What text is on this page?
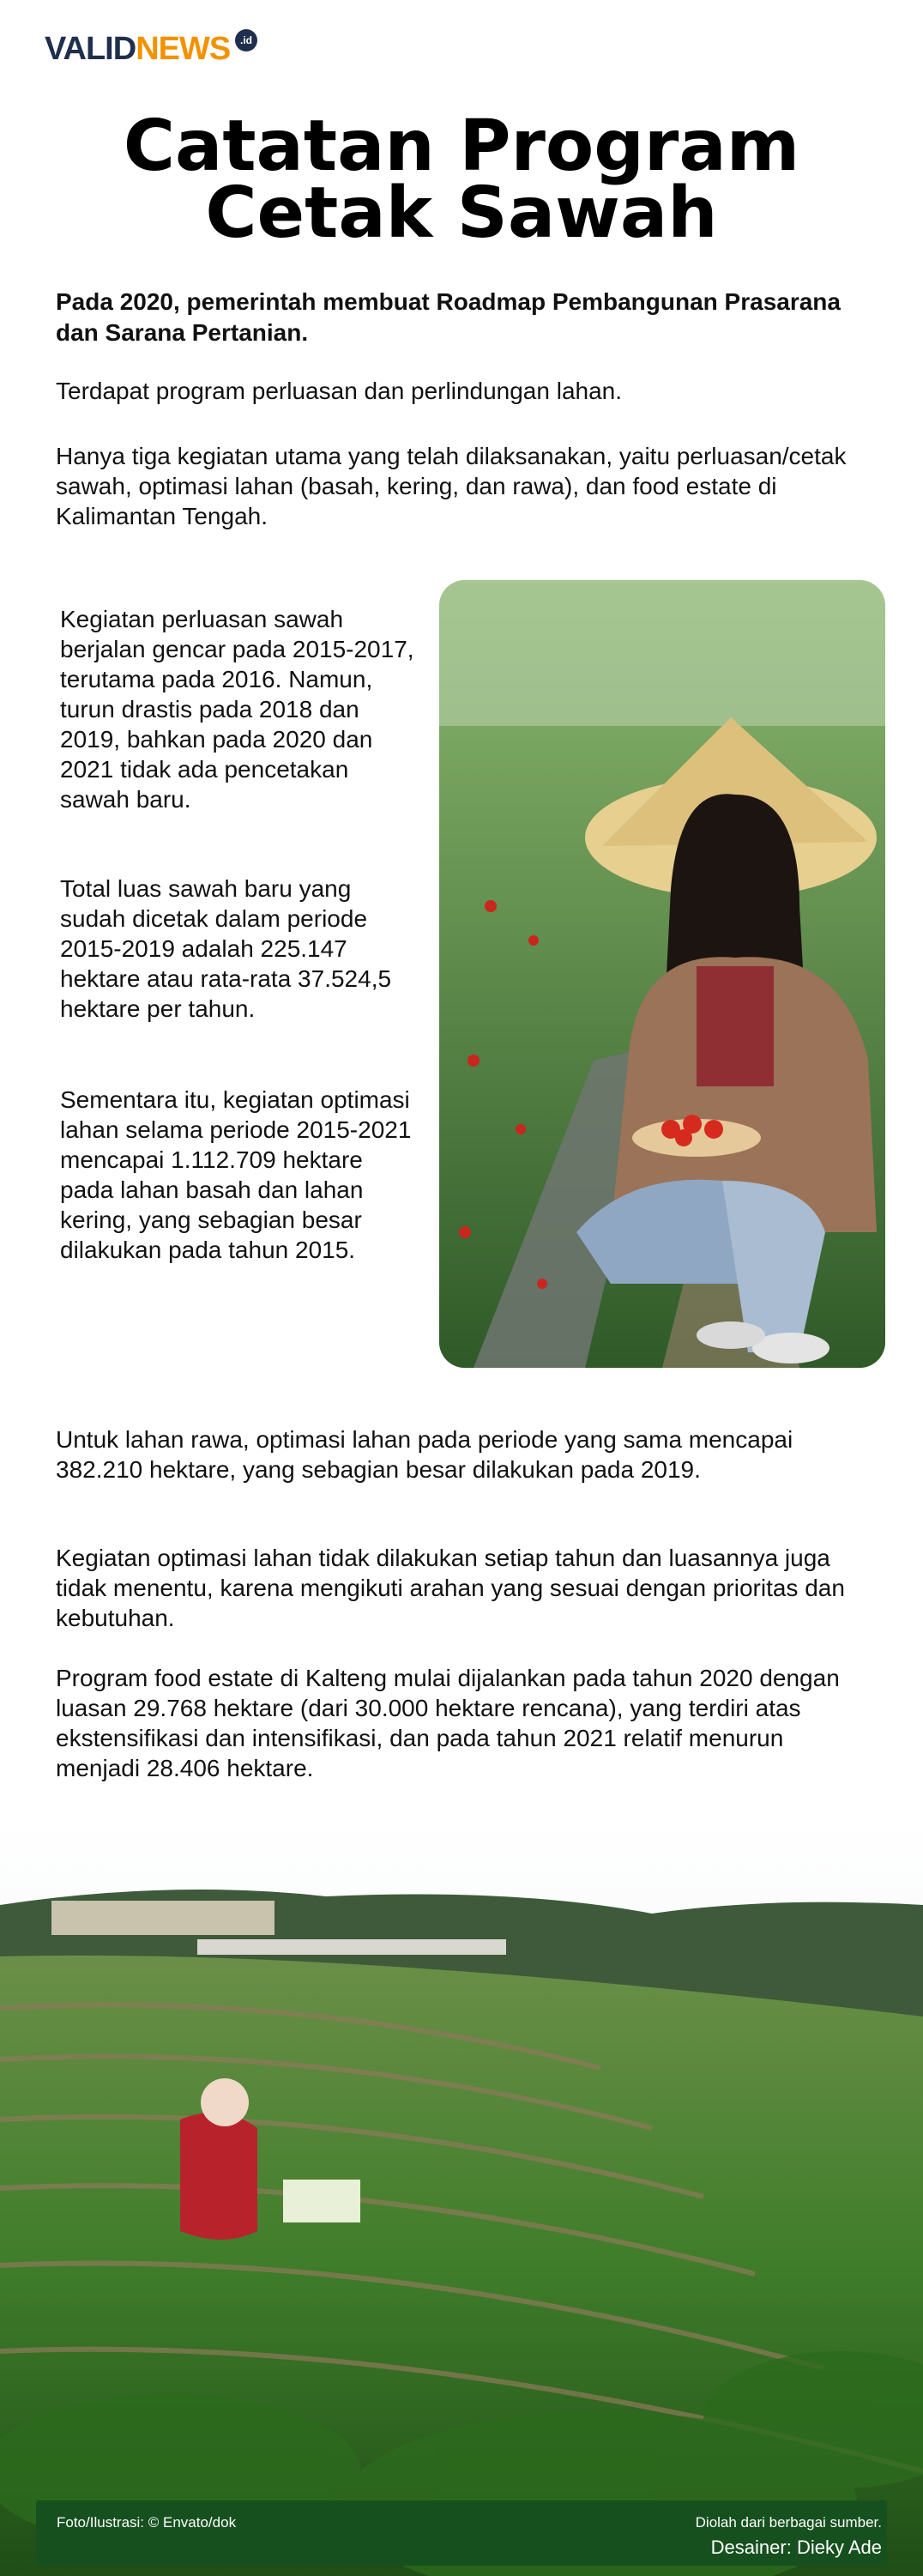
VALIDNEWS .id
Catatan Program
Cetak Sawah

Pada 2020, pemerintah membuat Roadmap Pembangunan Prasarana dan Sarana Pertanian.

Terdapat program perluasan dan perlindungan lahan.

Hanya tiga kegiatan utama yang telah dilaksanakan, yaitu perluasan/cetak sawah, optimasi lahan (basah, kering, dan rawa), dan food estate di Kalimantan Tengah.

Kegiatan perluasan sawah berjalan gencar pada 2015-2017, terutama pada 2016. Namun, turun drastis pada 2018 dan 2019, bahkan pada 2020 dan 2021 tidak ada pencetakan sawah baru.

Total luas sawah baru yang sudah dicetak dalam periode 2015-2019 adalah 225.147 hektare atau rata-rata 37.524,5 hektare per tahun.

Sementara itu, kegiatan optimasi lahan selama periode 2015-2021 mencapai 1.112.709 hektare pada lahan basah dan lahan kering, yang sebagian besar dilakukan pada tahun 2015.

Untuk lahan rawa, optimasi lahan pada periode yang sama mencapai 382.210 hektare, yang sebagian besar dilakukan pada 2019.

Kegiatan optimasi lahan tidak dilakukan setiap tahun dan luasannya juga tidak menentu, karena mengikuti arahan yang sesuai dengan prioritas dan kebutuhan.

Program food estate di Kalteng mulai dijalankan pada tahun 2020 dengan luasan 29.768 hektare (dari 30.000 hektare rencana), yang terdiri atas ekstensifikasi dan intensifikasi, dan pada tahun 2021 relatif menurun menjadi 28.406 hektare.

Foto/Ilustrasi: © Envato/dok	Diolah dari berbagai sumber.
Desainer: Dieky Ade
